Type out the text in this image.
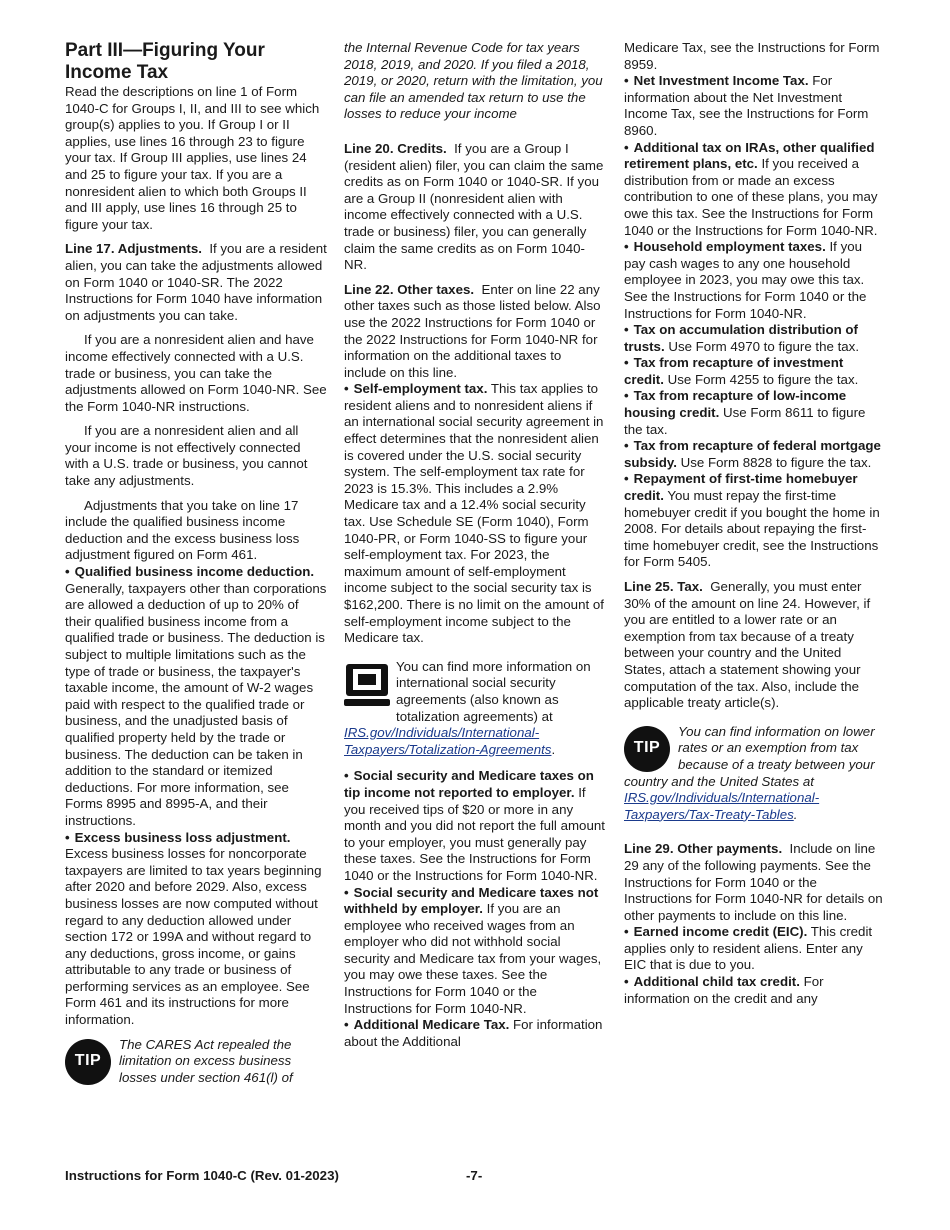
Part III—Figuring Your
Income Tax

Read the descriptions on line 1 of Form 1040-C for Groups I, II, and III to see which group(s) applies to you. If Group I or II applies, use lines 16 through 23 to figure your tax. If Group III applies, use lines 24 and 25 to figure your tax. If you are a nonresident alien to which both Groups II and III apply, use lines 16 through 25 to figure your tax.

Line 17. Adjustments. If you are a resident alien, you can take the adjustments allowed on Form 1040 or 1040-SR. The 2022 Instructions for Form 1040 have information on adjustments you can take.

If you are a nonresident alien and have income effectively connected with a U.S. trade or business, you can take the adjustments allowed on Form 1040-NR. See the Form 1040-NR instructions.

If you are a nonresident alien and all your income is not effectively connected with a U.S. trade or business, you cannot take any adjustments.

Adjustments that you take on line 17 include the qualified business income deduction and the excess business loss adjustment figured on Form 461.

• Qualified business income deduction. Generally, taxpayers other than corporations are allowed a deduction of up to 20% of their qualified business income from a qualified trade or business. The deduction is subject to multiple limitations such as the type of trade or business, the taxpayer's taxable income, the amount of W-2 wages paid with respect to the qualified trade or business, and the unadjusted basis of qualified property held by the trade or business. The deduction can be taken in addition to the standard or itemized deductions. For more information, see Forms 8995 and 8995-A, and their instructions.

• Excess business loss adjustment. Excess business losses for noncorporate taxpayers are limited to tax years beginning after 2020 and before 2029. Also, excess business losses are now computed without regard to any deduction allowed under section 172 or 199A and without regard to any deductions, gross income, or gains attributable to any trade or business of performing services as an employee. See Form 461 and its instructions for more information.

TIP

The CARES Act repealed the limitation on excess business losses under section 461(l) of

the Internal Revenue Code for tax years 2018, 2019, and 2020. If you filed a 2018, 2019, or 2020, return with the limitation, you can file an amended tax return to use the losses to reduce your income

Line 20. Credits. If you are a Group I (resident alien) filer, you can claim the same credits as on Form 1040 or 1040-SR. If you are a Group II (nonresident alien with income effectively connected with a U.S. trade or business) filer, you can generally claim the same credits as on Form 1040-NR.

Line 22. Other taxes. Enter on line 22 any other taxes such as those listed below. Also use the 2022 Instructions for Form 1040 or the 2022 Instructions for Form 1040-NR for information on the additional taxes to include on this line.

• Self-employment tax. This tax applies to resident aliens and to nonresident aliens if an international social security agreement in effect determines that the nonresident alien is covered under the U.S. social security system. The self-employment tax rate for 2023 is 15.3%. This includes a 2.9% Medicare tax and a 12.4% social security tax. Use Schedule SE (Form 1040), Form 1040-PR, or Form 1040-SS to figure your self-employment tax. For 2023, the maximum amount of self-employment income subject to the social security tax is $162,200. There is no limit on the amount of self-employment income subject to the Medicare tax.

You can find more information on international social security agreements (also known as totalization agreements) at IRS.gov/Individuals/International-Taxpayers/Totalization-Agreements.

• Social security and Medicare taxes on tip income not reported to employer. If you received tips of $20 or more in any month and you did not report the full amount to your employer, you must generally pay these taxes. See the Instructions for Form 1040 or the Instructions for Form 1040-NR.

• Social security and Medicare taxes not withheld by employer. If you are an employee who received wages from an employer who did not withhold social security and Medicare tax from your wages, you may owe these taxes. See the Instructions for Form 1040 or the Instructions for Form 1040-NR.

• Additional Medicare Tax. For information about the Additional

Medicare Tax, see the Instructions for Form 8959.

• Net Investment Income Tax. For information about the Net Investment Income Tax, see the Instructions for Form 8960.

• Additional tax on IRAs, other qualified retirement plans, etc. If you received a distribution from or made an excess contribution to one of these plans, you may owe this tax. See the Instructions for Form 1040 or the Instructions for Form 1040-NR.

• Household employment taxes. If you pay cash wages to any one household employee in 2023, you may owe this tax. See the Instructions for Form 1040 or the Instructions for Form 1040-NR.

• Tax on accumulation distribution of trusts. Use Form 4970 to figure the tax.

• Tax from recapture of investment credit. Use Form 4255 to figure the tax.

• Tax from recapture of low-income housing credit. Use Form 8611 to figure the tax.

• Tax from recapture of federal mortgage subsidy. Use Form 8828 to figure the tax.

• Repayment of first-time homebuyer credit. You must repay the first-time homebuyer credit if you bought the home in 2008. For details about repaying the first-time homebuyer credit, see the Instructions for Form 5405.

Line 25. Tax. Generally, you must enter 30% of the amount on line 24. However, if you are entitled to a lower rate or an exemption from tax because of a treaty between your country and the United States, attach a statement showing your computation of the tax. Also, include the applicable treaty article(s).

TIP

You can find information on lower rates or an exemption from tax because of a treaty between your country and the United States at IRS.gov/Individuals/International-Taxpayers/Tax-Treaty-Tables.

Line 29. Other payments. Include on line 29 any of the following payments. See the Instructions for Form 1040 or the Instructions for Form 1040-NR for details on other payments to include on this line.

• Earned income credit (EIC). This credit applies only to resident aliens. Enter any EIC that is due to you.

• Additional child tax credit. For information on the credit and any

Instructions for Form 1040-C (Rev. 01-2023)	-7-
